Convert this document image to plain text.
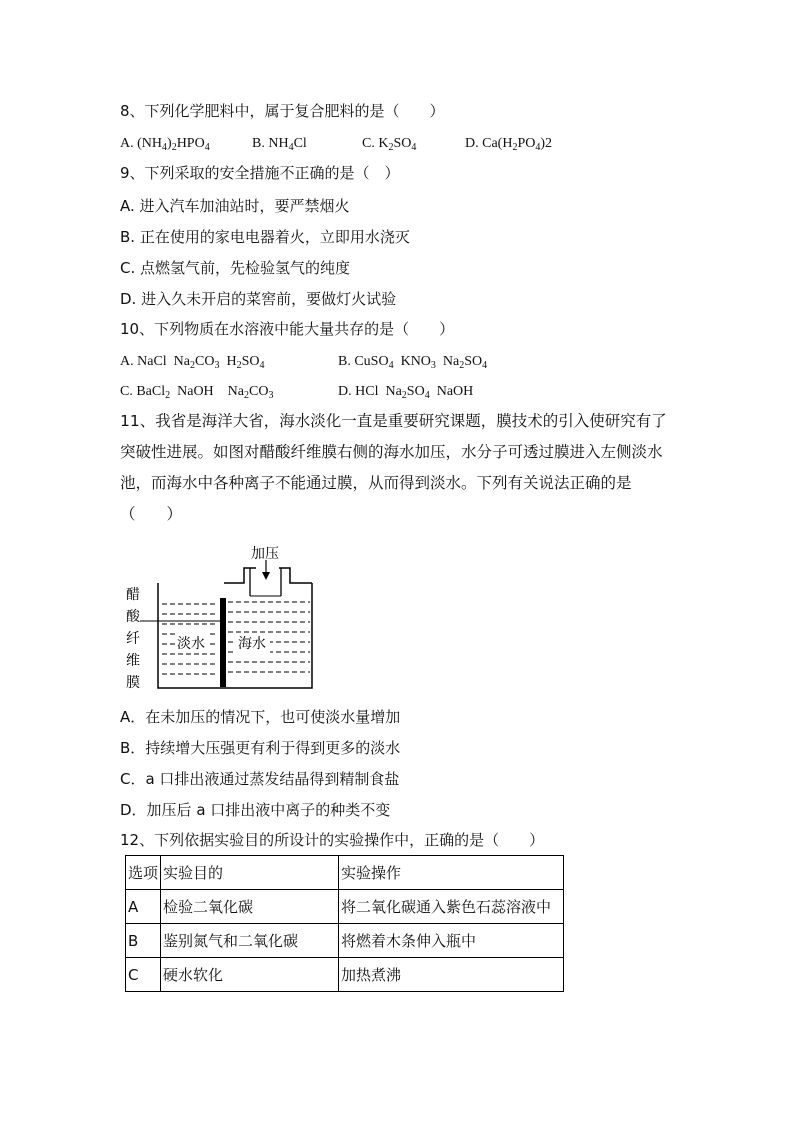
8、下列化学肥料中，属于复合肥料的是（　　）
A. $(NH_4)_2HPO_4$	B. $NH_4Cl$	C. $K_2SO_4$	D. $Ca(H_2PO_4)2$
9、下列采取的安全措施不正确的是（　）
A. 进入汽车加油站时，要严禁烟火
B. 正在使用的家电电器着火，立即用水浇灭
C. 点燃氢气前，先检验氢气的纯度
D. 进入久未开启的菜窖前，要做灯火试验
10、下列物质在水溶液中能大量共存的是（　　）
A. NaCl  $Na_2CO_3$  $H_2SO_4$	B. CuSO$_4$  $KNO_3$  $Na_2SO_4$
C. BaCl$_2$  NaOH    $Na_2CO_3$	D. HCl  $Na_2SO_4$  NaOH
11、我省是海洋大省，海水淡化一直是重要研究课题，膜技术的引入使研究有了突破性进展。如图对醋酸纤维膜右侧的海水加压，水分子可透过膜进入左侧淡水池，而海水中各种离子不能通过膜，从而得到淡水。下列有关说法正确的是
（　　）
加压
淡水 海水
醋
酸
纤
维
膜
A．在未加压的情况下，也可使淡水量增加
B．持续增大压强更有利于得到更多的淡水
C．a 口排出液通过蒸发结晶得到精制食盐
D．加压后 a 口排出液中离子的种类不变
12、下列依据实验目的所设计的实验操作中，正确的是（　　）
选项	实验目的	实验操作
A	检验二氧化碳	将二氧化碳通入紫色石蕊溶液中
B	鉴别氮气和二氧化碳	将燃着木条伸入瓶中
C	硬水软化	加热煮沸
